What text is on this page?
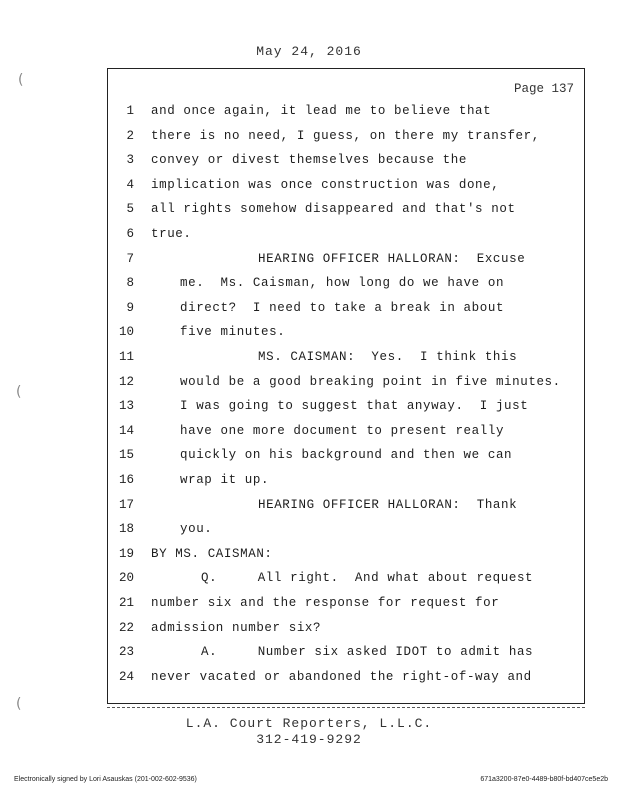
May 24, 2016
Page 137
1 and once again, it lead me to believe that
2 there is no need, I guess, on there my transfer,
3 convey or divest themselves because the
4 implication was once construction was done,
5 all rights somehow disappeared and that's not
6 true.
7	HEARING OFFICER HALLORAN:  Excuse
8	me.  Ms. Caisman, how long do we have on
9	direct?  I need to take a break in about
10	five minutes.
11	MS. CAISMAN:  Yes.  I think this
12	would be a good breaking point in five minutes.
13	I was going to suggest that anyway.  I just
14	have one more document to present really
15	quickly on his background and then we can
16	wrap it up.
17	HEARING OFFICER HALLORAN:  Thank
18	you.
19 BY MS. CAISMAN:
20	Q.     All right.  And what about request
21 number six and the response for request for
22 admission number six?
23	A.     Number six asked IDOT to admit has
24 never vacated or abandoned the right-of-way and
L.A. Court Reporters, L.L.C.
312-419-9292
Electronically signed by Lori Asauskas (201-002-602-9536)	671a3200-87e0-4489-b80f-bd407ce5e2b
(
(
(
